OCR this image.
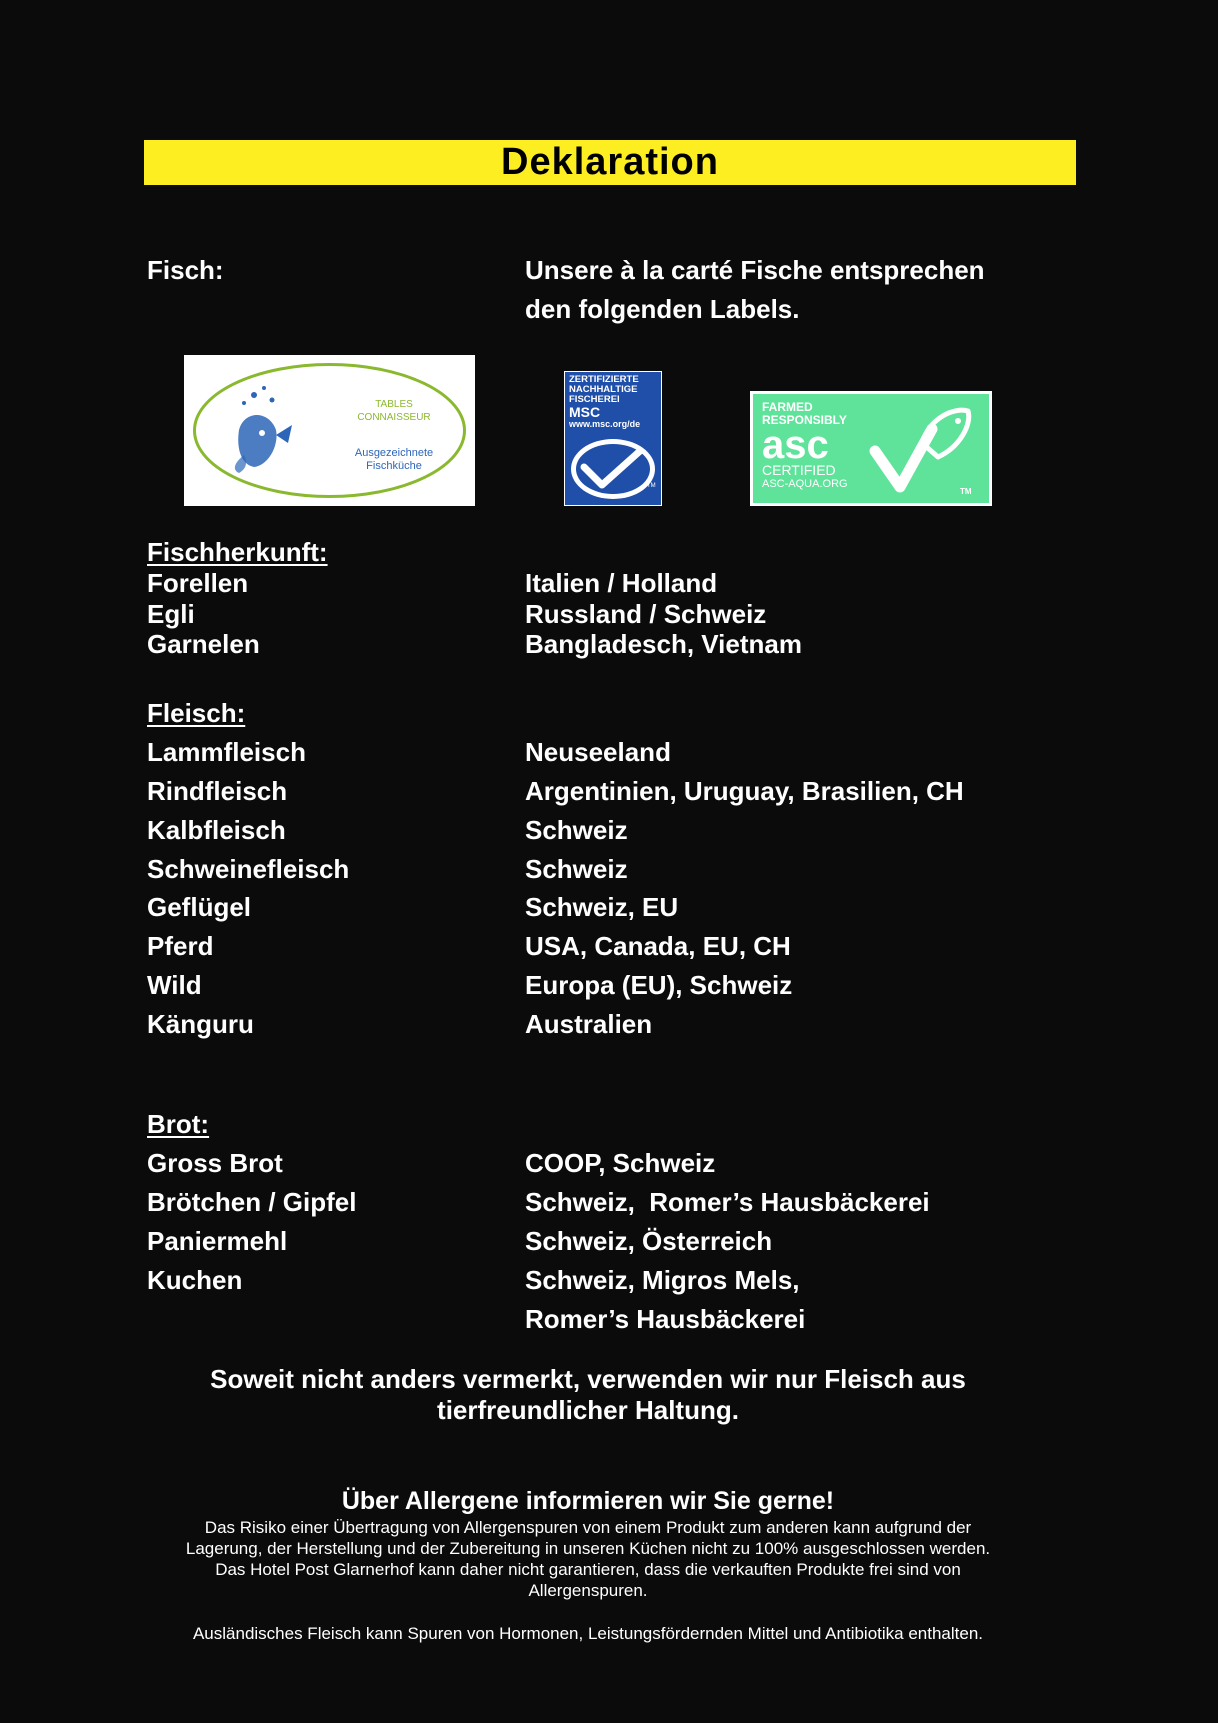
Deklaration
Fisch:	Unsere à la carté Fische entsprechen
den folgenden Labels.
TABLES
CONNAISSEUR
Ausgezeichnete
Fischküche
ZERTIFIZIERTE
NACHHALTIGE
FISCHEREI
MSC
www.msc.org/de
TM
FARMED
RESPONSIBLY
asc
CERTIFIED
ASC-AQUA.ORG
TM
Fischherkunft:
Forellen	Italien / Holland
Egli	Russland / Schweiz
Garnelen	Bangladesch, Vietnam
Fleisch:
Lammfleisch	Neuseeland
Rindfleisch	Argentinien, Uruguay, Brasilien, CH
Kalbfleisch	Schweiz
Schweinefleisch	Schweiz
Geflügel	Schweiz, EU
Pferd	USA, Canada, EU, CH
Wild	Europa (EU), Schweiz
Känguru	Australien
Brot:
Gross Brot	COOP, Schweiz
Brötchen / Gipfel	Schweiz,  Romer’s Hausbäckerei
Paniermehl	Schweiz, Österreich
Kuchen	Schweiz, Migros Mels,
Romer’s Hausbäckerei
Soweit nicht anders vermerkt, verwenden wir nur Fleisch aus
tierfreundlicher Haltung.
Über Allergene informieren wir Sie gerne!
Das Risiko einer Übertragung von Allergenspuren von einem Produkt zum anderen kann aufgrund der
Lagerung, der Herstellung und der Zubereitung in unseren Küchen nicht zu 100% ausgeschlossen werden.
Das Hotel Post Glarnerhof kann daher nicht garantieren, dass die verkauften Produkte frei sind von
Allergenspuren.
Ausländisches Fleisch kann Spuren von Hormonen, Leistungsfördernden Mittel und Antibiotika enthalten.
